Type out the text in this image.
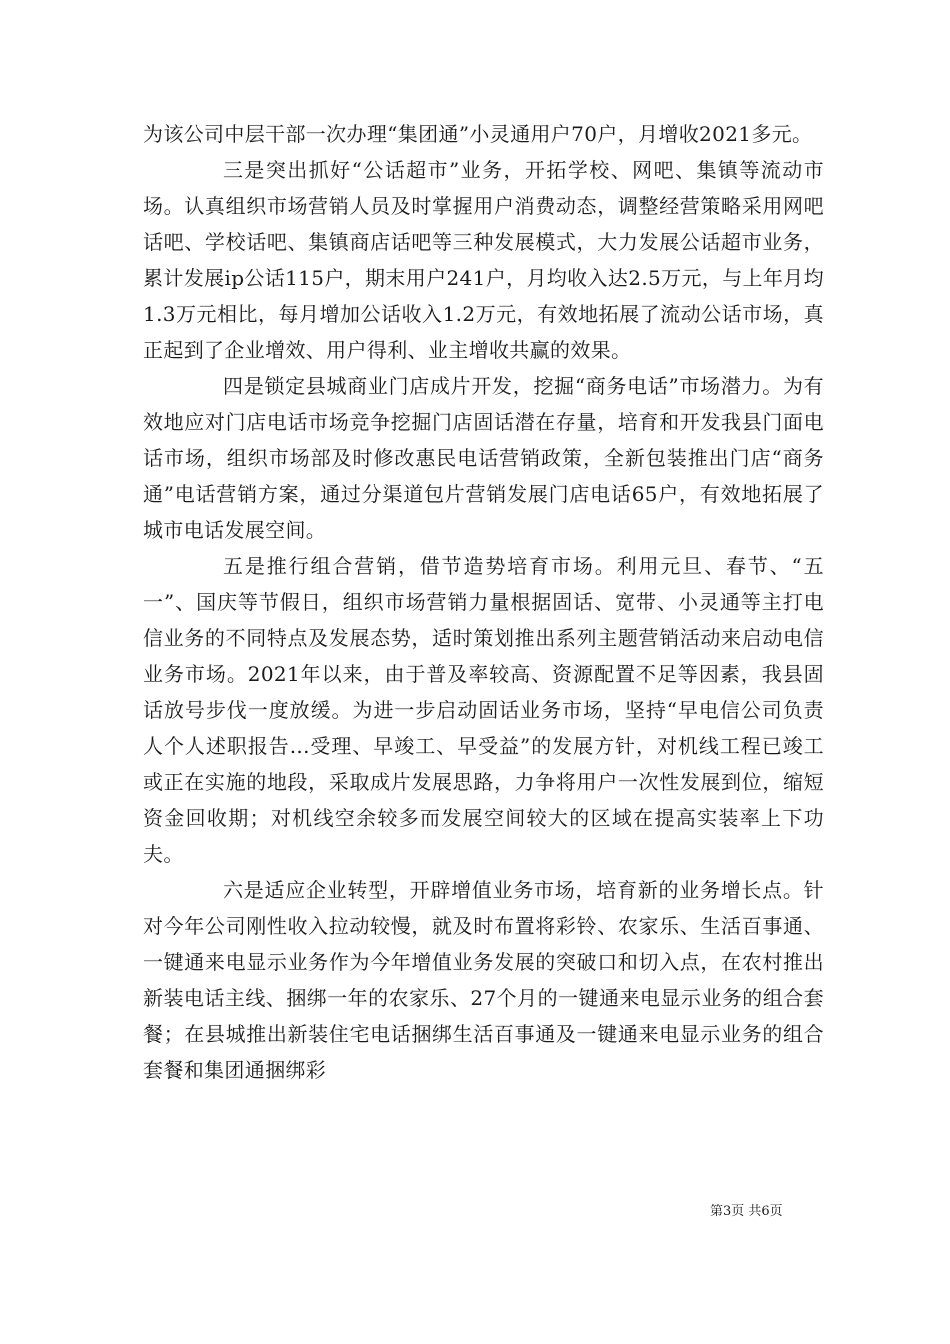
为该公司中层干部一次办理“集团通”小灵通用户70户，月增收2021多元。

三是突出抓好“公话超市”业务，开拓学校、网吧、集镇等流动市场。认真组织市场营销人员及时掌握用户消费动态，调整经营策略采用网吧话吧、学校话吧、集镇商店话吧等三种发展模式，大力发展公话超市业务，累计发展ip公话115户，期末用户241户，月均收入达2.5万元，与上年月均1.3万元相比，每月增加公话收入1.2万元，有效地拓展了流动公话市场，真正起到了企业增效、用户得利、业主增收共赢的效果。

四是锁定县城商业门店成片开发，挖掘“商务电话”市场潜力。为有效地应对门店电话市场竞争挖掘门店固话潜在存量，培育和开发我县门面电话市场，组织市场部及时修改惠民电话营销政策，全新包装推出门店“商务通”电话营销方案，通过分渠道包片营销发展门店电话65户，有效地拓展了城市电话发展空间。

五是推行组合营销，借节造势培育市场。利用元旦、春节、“五一”、国庆等节假日，组织市场营销力量根据固话、宽带、小灵通等主打电信业务的不同特点及发展态势，适时策划推出系列主题营销活动来启动电信业务市场。2021年以来，由于普及率较高、资源配置不足等因素，我县固话放号步伐一度放缓。为进一步启动固话业务市场，坚持“早电信公司负责人个人述职报告...受理、早竣工、早受益”的发展方针，对机线工程已竣工或正在实施的地段，采取成片发展思路，力争将用户一次性发展到位，缩短资金回收期；对机线空余较多而发展空间较大的区域在提高实装率上下功夫。

六是适应企业转型，开辟增值业务市场，培育新的业务增长点。针对今年公司刚性收入拉动较慢，就及时布置将彩铃、农家乐、生活百事通、一键通来电显示业务作为今年增值业务发展的突破口和切入点，在农村推出新装电话主线、捆绑一年的农家乐、27个月的一键通来电显示业务的组合套餐；在县城推出新装住宅电话捆绑生活百事通及一键通来电显示业务的组合套餐和集团通捆绑彩

第3页 共6页
